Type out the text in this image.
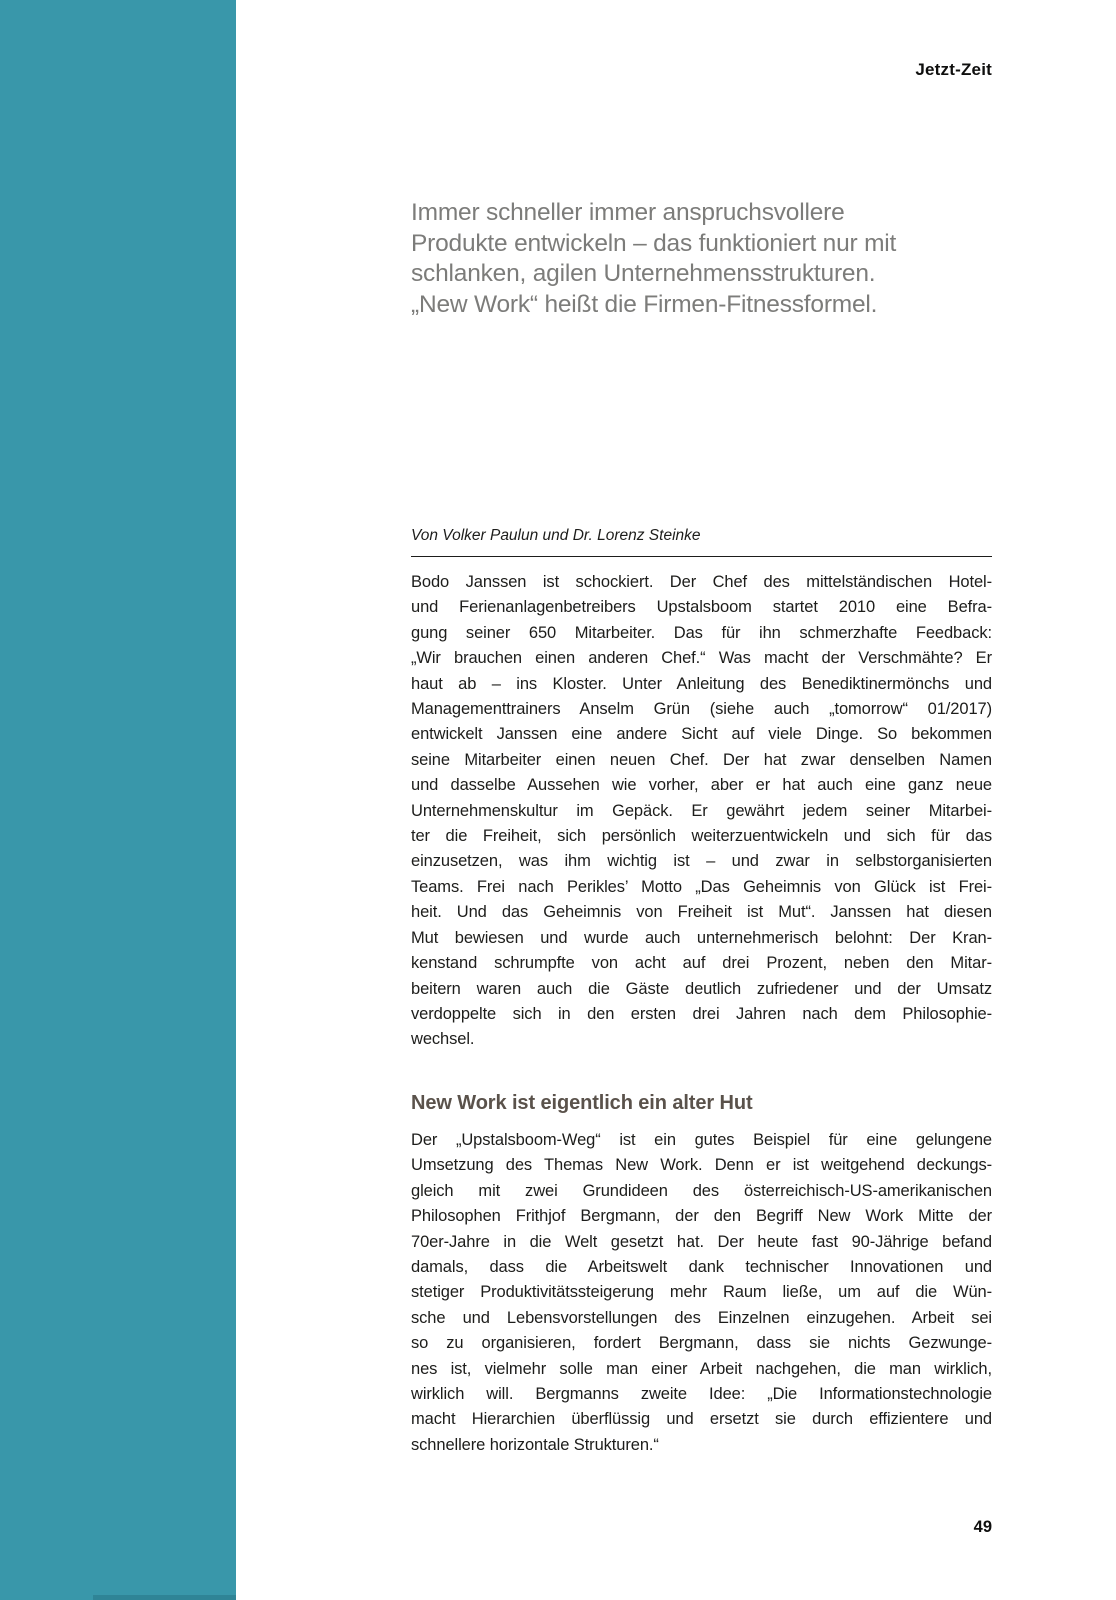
Jetzt-Zeit
Immer schneller immer anspruchsvollere
Produkte entwickeln – das funktioniert nur mit
schlanken, agilen Unternehmensstrukturen.
„New Work“ heißt die Firmen-Fitnessformel.
Von Volker Paulun und Dr. Lorenz Steinke
Bodo Janssen ist schockiert. Der Chef des mittelständischen Hotel-
und Ferienanlagenbetreibers Upstalsboom startet 2010 eine Befra-
gung seiner 650 Mitarbeiter. Das für ihn schmerzhafte Feedback:
„Wir brauchen einen anderen Chef.“ Was macht der Verschmähte? Er
haut ab – ins Kloster. Unter Anleitung des Benediktinermönchs und
Managementtrainers Anselm Grün (siehe auch „tomorrow“ 01/2017)
entwickelt Janssen eine andere Sicht auf viele Dinge. So bekommen
seine Mitarbeiter einen neuen Chef. Der hat zwar denselben Namen
und dasselbe Aussehen wie vorher, aber er hat auch eine ganz neue
Unternehmenskultur im Gepäck. Er gewährt jedem seiner Mitarbei-
ter die Freiheit, sich persönlich weiterzuentwickeln und sich für das
einzusetzen, was ihm wichtig ist – und zwar in selbstorganisierten
Teams. Frei nach Perikles’ Motto „Das Geheimnis von Glück ist Frei-
heit. Und das Geheimnis von Freiheit ist Mut“. Janssen hat diesen
Mut bewiesen und wurde auch unternehmerisch belohnt: Der Kran-
kenstand schrumpfte von acht auf drei Prozent, neben den Mitar-
beitern waren auch die Gäste deutlich zufriedener und der Umsatz
verdoppelte sich in den ersten drei Jahren nach dem Philosophie-
wechsel.
New Work ist eigentlich ein alter Hut
Der „Upstalsboom-Weg“ ist ein gutes Beispiel für eine gelungene
Umsetzung des Themas New Work. Denn er ist weitgehend deckungs-
gleich mit zwei Grundideen des österreichisch-US-amerikanischen
Philosophen Frithjof Bergmann, der den Begriff New Work Mitte der
70er-Jahre in die Welt gesetzt hat. Der heute fast 90-Jährige befand
damals, dass die Arbeitswelt dank technischer Innovationen und
stetiger Produktivitätssteigerung mehr Raum ließe, um auf die Wün-
sche und Lebensvorstellungen des Einzelnen einzugehen. Arbeit sei
so zu organisieren, fordert Bergmann, dass sie nichts Gezwunge-
nes ist, vielmehr solle man einer Arbeit nachgehen, die man wirklich,
wirklich will. Bergmanns zweite Idee: „Die Informationstechnologie
macht Hierarchien überflüssig und ersetzt sie durch effizientere und
schnellere horizontale Strukturen.“
49
